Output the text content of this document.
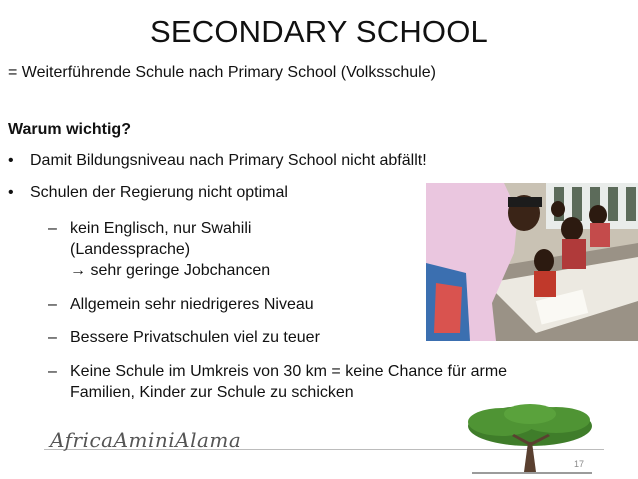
SECONDARY SCHOOL

= Weiterführende Schule nach Primary School (Volksschule)

Warum wichtig?

• Damit Bildungsniveau nach Primary School nicht abfällt!
• Schulen der Regierung nicht optimal
– kein Englisch, nur Swahili
(Landessprache)
→ sehr geringe Jobchancen
– Allgemein sehr niedrigeres Niveau
– Bessere Privatschulen viel zu teuer
– Keine Schule im Umkreis von 30 km = keine Chance für arme
Familien, Kinder zur Schule zu schicken
AfricaAminiAlama
17
